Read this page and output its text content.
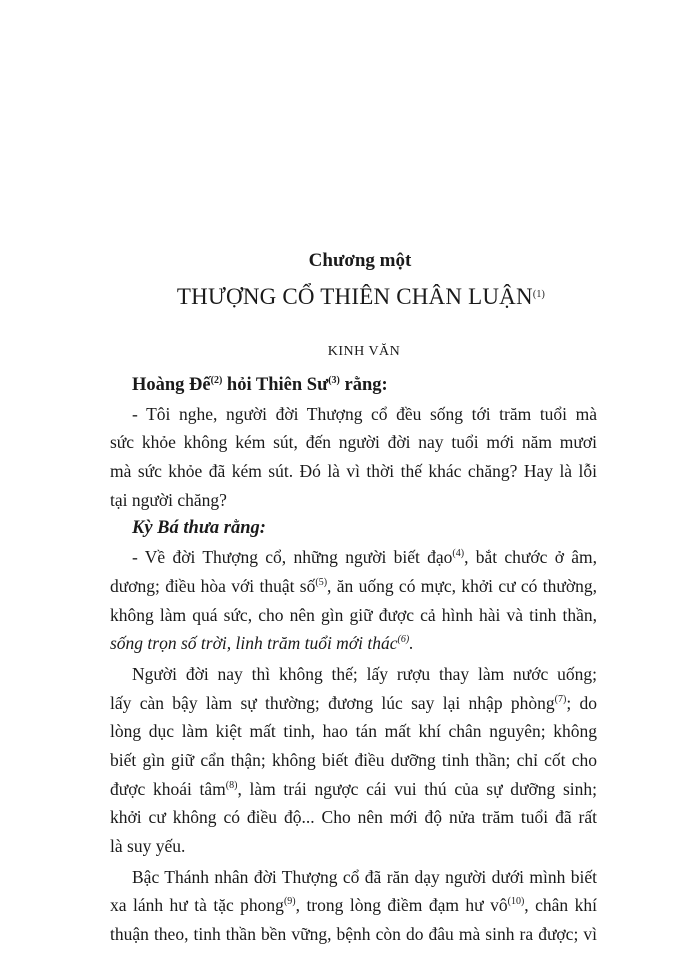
Chương một
THƯỢNG CỔ THIÊN CHÂN LUẬN$^{(1)}$
KINH VĂN
Hoàng Đế$^{(2)}$ hỏi Thiên $Sư^{(3)}$ rằng:
- Tôi nghe, người đời Thượng cổ đều sống tới trăm tuổi mà
sức khỏe không kém sút, đến người đời nay tuổi mới năm mươi
mà sức khỏe đã kém sút. Đó là vì thời thế khác chăng? Hay là lỗi
tại người chăng?
Kỳ Bá thưa rằng:
- Về đời Thượng cổ, những người biết đạo$^{(4)}$, bắt chước ở âm,
dương; điều hòa với thuật số$^{(5)}$, ăn uống có mực, khởi cư có thường,
không làm quá sức, cho nên gìn giữ được cả hình hài và tinh thần,
sống trọn số trời, linh trăm tuổi mới thác$^{(6)}$.
Người đời nay thì không thế; lấy rượu thay làm nước uống;
lấy càn bậy làm sự thường; đương lúc say lại nhập phòng$^{(7)}$; do
lòng dục làm kiệt mất tinh, hao tán mất khí chân nguyên; không
biết gìn giữ cẩn thận; không biết điều dưỡng tinh thần; chỉ cốt cho
được khoái tâm$^{(8)}$, làm trái ngược cái vui thú của sự dưỡng sinh;
khởi cư không có điều độ... Cho nên mới độ nửa trăm tuổi đã rất
là suy yếu.
Bậc Thánh nhân đời Thượng cổ đã răn dạy người dưới mình biết
xa lánh hư tà tặc phong$^{(9)}$, trong lòng điềm đạm hư $vô^{(10)}$, chân khí
thuận theo, tinh thần bền vững, bệnh còn do đâu mà sinh ra được; vì
